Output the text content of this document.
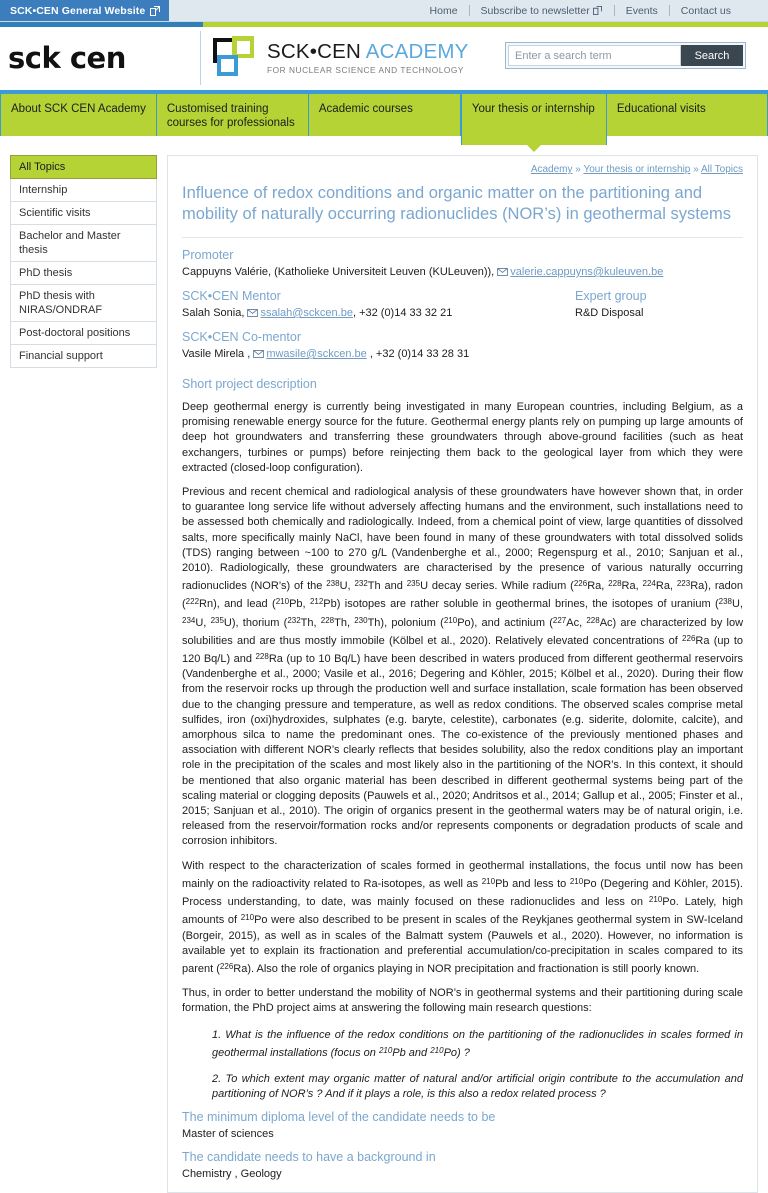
SCK•CEN General Website	Home Subscribe to newsletter	Events Contact us
sck cen	SCK•CEN ACADEMY
FOR NUCLEAR SCIENCE AND TECHNOLOGY
Enter a search term
Search
About SCK CEN Academy	Customised training courses for professionals
Academic courses	Your thesis or internship	Educational visits
All Topics
Internship
Scientific visits
Bachelor and Master thesis
PhD thesis
PhD thesis with NIRAS/ONDRAF
Post-doctoral positions
Financial support
Academy » Your thesis or internship » All Topics
Influence of redox conditions and organic matter on the partitioning and mobility of naturally occurring radionuclides (NOR’s) in geothermal systems
Promoter
Cappuyns Valérie, (Katholieke Universiteit Leuven (KULeuven)), valerie.cappuyns@kuleuven.be
SCK•CEN Mentor
Salah Sonia, ssalah@sckcen.be, +32 (0)14 33 32 21
Expert group
R&D Disposal
SCK•CEN Co-mentor
Vasile Mirela , mwasile@sckcen.be , +32 (0)14 33 28 31
Short project description

Deep geothermal energy is currently being investigated in many European countries, including Belgium, as a promising renewable energy source for the future. Geothermal energy plants rely on pumping up large amounts of deep hot groundwaters and transferring these groundwaters through above-ground facilities (such as heat exchangers, turbines or pumps) before reinjecting them back to the geological layer from which they were extracted (closed-loop configuration).

Previous and recent chemical and radiological analysis of these groundwaters have however shown that, in order to guarantee long service life without adversely affecting humans and the environment, such installations need to be assessed both chemically and radiologically. Indeed, from a chemical point of view, large quantities of dissolved salts, more specifically mainly NaCl, have been found in many of these groundwaters with total dissolved solids (TDS) ranging between ~100 to 270 g/L (Vandenberghe et al., 2000; Regenspurg et al., 2010; Sanjuan et al., 2010). Radiologically, these groundwaters are characterised by the presence of various naturally occurring radionuclides (NOR’s) of the $^{238}$U, $^{232}$Th and $^{235}$U decay series. While radium ($^{226}$Ra, $^{228}$Ra, $^{224}$Ra, $^{223}$Ra), radon ($^{222}$Rn), and lead ($^{210}$Pb, $^{212}$Pb) isotopes are rather soluble in geothermal brines, the isotopes of uranium ($^{238}$U, $^{234}$U, $^{235}$U), thorium ($^{232}$Th, $^{228}$Th, $^{230}$Th), polonium ($^{210}$Po), and actinium ($^{227}$Ac, $^{228}$Ac) are characterized by low solubilities and are thus mostly immobile (Kölbel et al., 2020). Relatively elevated concentrations of $^{226}$Ra (up to 120 Bq/L) and $^{228}$Ra (up to 10 Bq/L) have been described in waters produced from different geothermal reservoirs (Vandenberghe et al., 2000; Vasile et al., 2016; Degering and Köhler, 2015; Kölbel et al., 2020). During their flow from the reservoir rocks up through the production well and surface installation, scale formation has been observed due to the changing pressure and temperature, as well as redox conditions. The observed scales comprise metal sulfides, iron (oxi)hydroxides, sulphates (e.g. baryte, celestite), carbonates (e.g. siderite, dolomite, calcite), and amorphous silca to name the predominant ones. The co-existence of the previously mentioned phases and association with different NOR’s clearly reflects that besides solubility, also the redox conditions play an important role in the precipitation of the scales and most likely also in the partitioning of the NOR’s. In this context, it should be mentioned that also organic material has been described in different geothermal systems being part of the scaling material or clogging deposits (Pauwels et al., 2020; Andritsos et al., 2014; Gallup et al., 2005; Finster et al., 2015; Sanjuan et al., 2010). The origin of organics present in the geothermal waters may be of natural origin, i.e. released from the reservoir/formation rocks and/or represents components or degradation products of scale and corrosion inhibitors.

With respect to the characterization of scales formed in geothermal installations, the focus until now has been mainly on the radioactivity related to Ra-isotopes, as well as $^{210}$Pb and less to $^{210}$Po (Degering and Köhler, 2015). Process understanding, to date, was mainly focused on these radionuclides and less on $^{210}$Po. Lately, high amounts of $^{210}$Po were also described to be present in scales of the Reykjanes geothermal system in SW-Iceland (Borgeir, 2015), as well as in scales of the Balmatt system (Pauwels et al., 2020). However, no information is available yet to explain its fractionation and preferential accumulation/co-precipitation in scales compared to its parent ($^{226}$Ra). Also the role of organics playing in NOR precipitation and fractionation is still poorly known.

Thus, in order to better understand the mobility of NOR’s in geothermal systems and their partitioning during scale formation, the PhD project aims at answering the following main research questions:

1. What is the influence of the redox conditions on the partitioning of the radionuclides in scales formed in geothermal installations (focus on $^{210}$Pb and $^{210}$Po) ?

2. To which extent may organic matter of natural and/or artificial origin contribute to the accumulation and partitioning of NOR’s ? And if it plays a role, is this also a redox related process ?

The minimum diploma level of the candidate needs to be
Master of sciences
The candidate needs to have a background in
Chemistry , Geology
